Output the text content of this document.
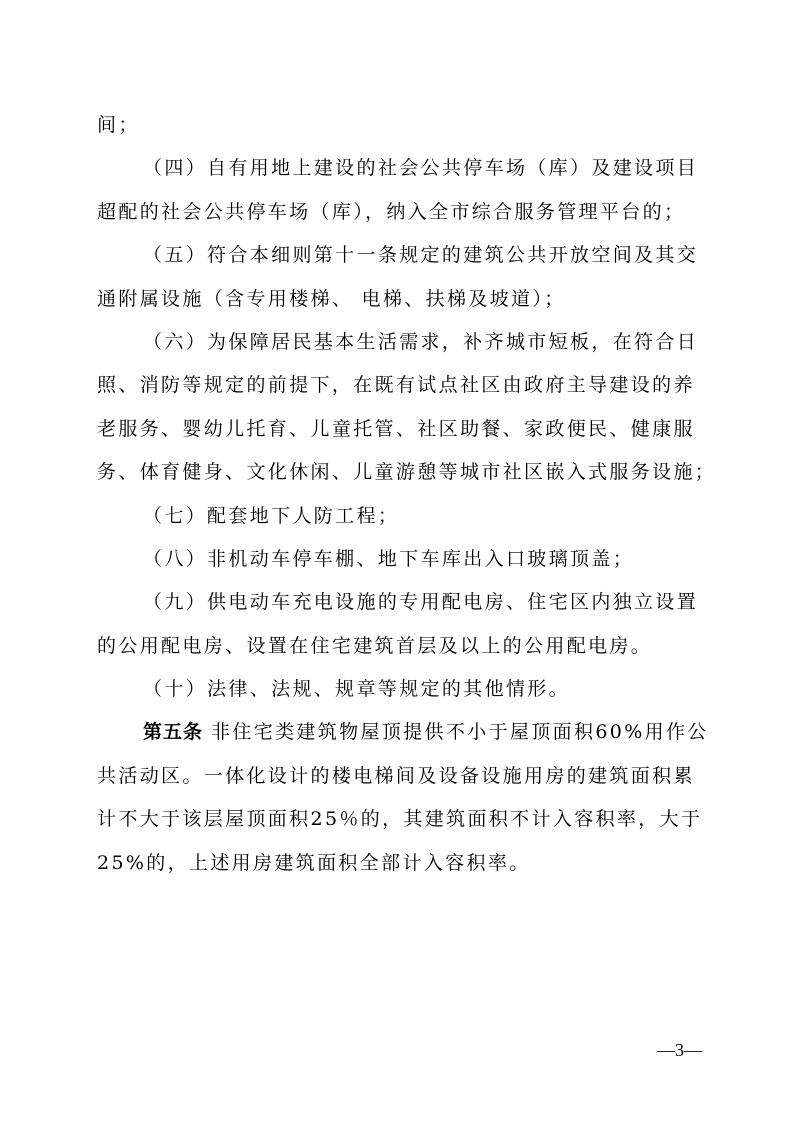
间；
（四）自有用地上建设的社会公共停车场（库）及建设项目
超配的社会公共停车场（库），纳入全市综合服务管理平台的；
（五）符合本细则第十一条规定的建筑公共开放空间及其交
通附属设施（含专用楼梯、 电梯、扶梯及坡道）；
（六）为保障居民基本生活需求，补齐城市短板，在符合日
照、消防等规定的前提下，在既有试点社区由政府主导建设的养
老服务、婴幼儿托育、儿童托管、社区助餐、家政便民、健康服
务、体育健身、文化休闲、儿童游憩等城市社区嵌入式服务设施；
（七）配套地下人防工程；
（八）非机动车停车棚、地下车库出入口玻璃顶盖；
（九）供电动车充电设施的专用配电房、住宅区内独立设置
的公用配电房、设置在住宅建筑首层及以上的公用配电房。
（十）法律、法规、规章等规定的其他情形。
第五条 非住宅类建筑物屋顶提供不小于屋顶面积60%用作公
共活动区。一体化设计的楼电梯间及设备设施用房的建筑面积累
计不大于该层屋顶面积25％的，其建筑面积不计入容积率，大于
25%的，上述用房建筑面积全部计入容积率。
—3—
